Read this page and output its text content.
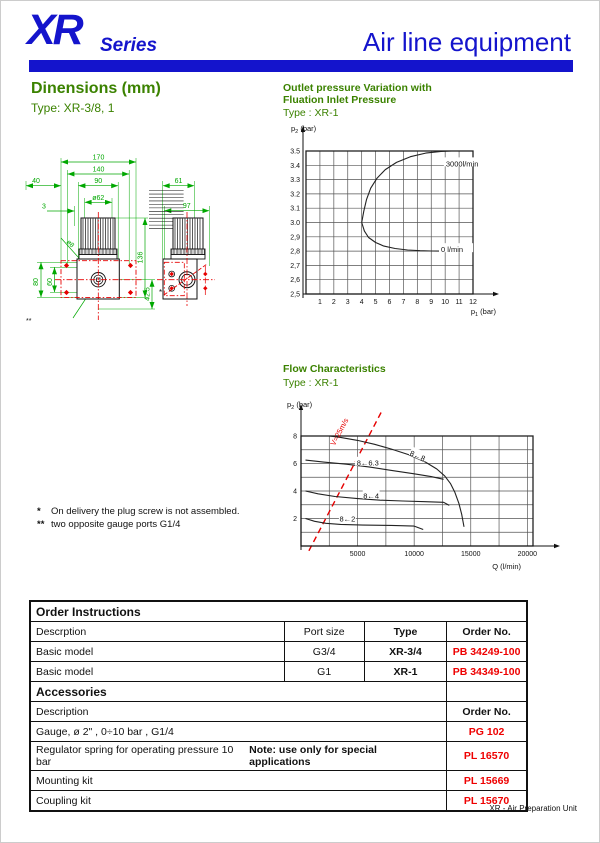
XR Series	Air line equipment
Dinensions (mm)
Type: XR-3/8, 1
170
140
90
40
ø62
3
61
97
136
42.5
80 60
ø8
*
**
Outlet pressure Variation with
Fluation Inlet Pressure
Type : XR-1
3000l/min
0 l/min
3.5
3.4
3.3
3.2
3.1
3.0
2,9
2,8
2,7
2,6
2,5
1 2 3 4 5 6 7 8 9 10 11 12
$p_2$ (bar)
$p_1$ (bar)
Flow Characteristics
Type : XR-1
V=25m/s
8←8
8←6.3
8←4
8←2
2
4
6
8
5000	10000	15000	20000
$p_2$ (bar)
Q (l/min)
* On delivery the plug screw is not assembled.
** two opposite gauge ports G1/4
Order Instructions			
Descrption	Port size	Type	Order No.
Basic model	G3/4	XR-3/4	PB 34249-100
Basic model	G1	XR-1	PB 34349-100
Accessories			
Description			Order No.
Gauge, ø 2" , 0÷10 bar , G1/4			PG 102

Regulator spring for operating pressure 10 bar
Note: use only for special applications			PL 16570
Mounting kit			PL 15669
Coupling kit			PL 15670
XR - Air Preparation Unit
